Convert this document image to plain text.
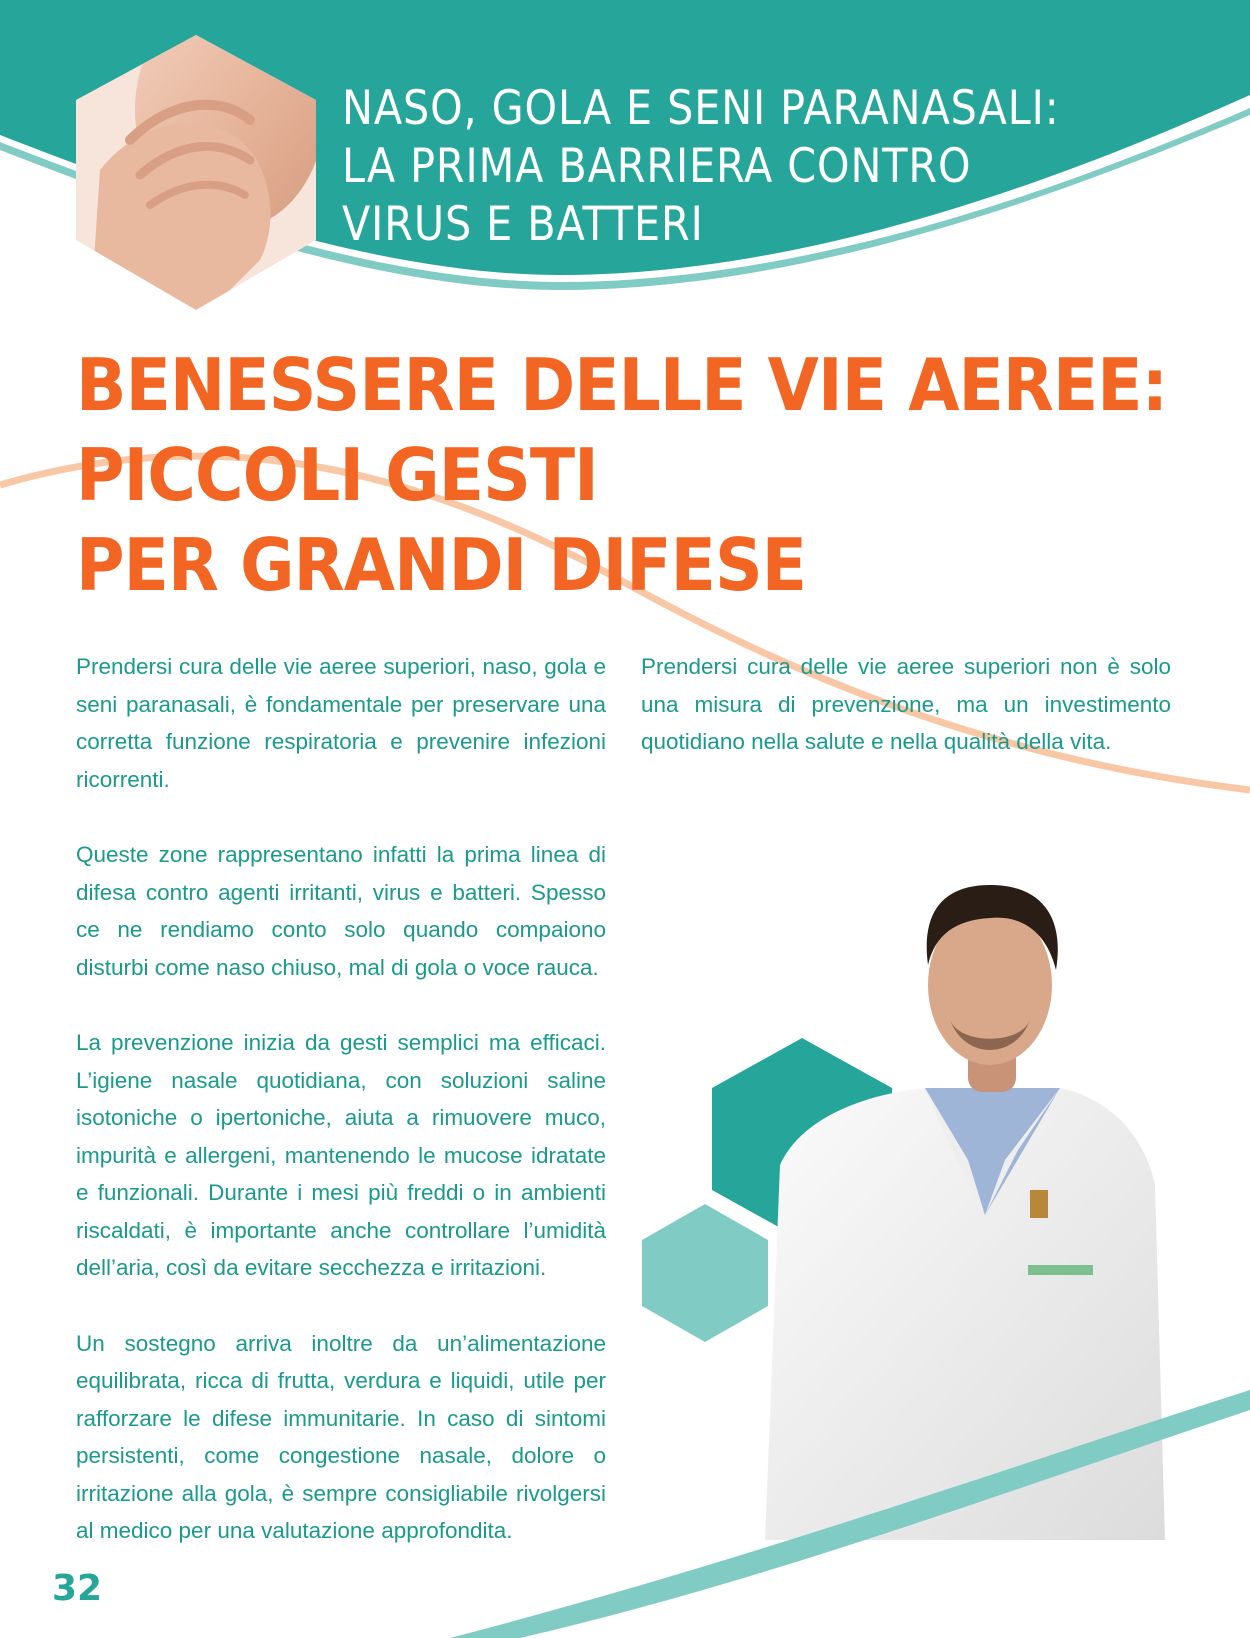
NASO, GOLA E SENI PARANASALI:
LA PRIMA BARRIERA CONTRO
VIRUS E BATTERI
BENESSERE DELLE VIE AEREE:
PICCOLI GESTI
PER GRANDI DIFESE

Prendersi cura delle vie aeree superiori, naso, gola e seni paranasali, è fondamentale per preservare una corretta funzione respiratoria e prevenire infezioni ricorrenti.

Queste zone rappresentano infatti la prima linea di difesa contro agenti irritanti, virus e batteri. Spesso ce ne rendiamo conto solo quando compaiono disturbi come naso chiuso, mal di gola o voce rauca.

La prevenzione inizia da gesti semplici ma efficaci. L’igiene nasale quotidiana, con soluzioni saline isotoniche o ipertoniche, aiuta a rimuovere muco, impurità e allergeni, mantenendo le mucose idratate e funzionali. Durante i mesi più freddi o in ambienti riscaldati, è importante anche controllare l’umidità dell’aria, così da evitare secchezza e irritazioni.

Un sostegno arriva inoltre da un’alimentazione equilibrata, ricca di frutta, verdura e liquidi, utile per rafforzare le difese immunitarie. In caso di sintomi persistenti, come congestione nasale, dolore o irritazione alla gola, è sempre consigliabile rivolgersi al medico per una valutazione approfondita.

Prendersi cura delle vie aeree superiori non è solo una misura di prevenzione, ma un investimento quotidiano nella salute e nella qualità della vita.

32
